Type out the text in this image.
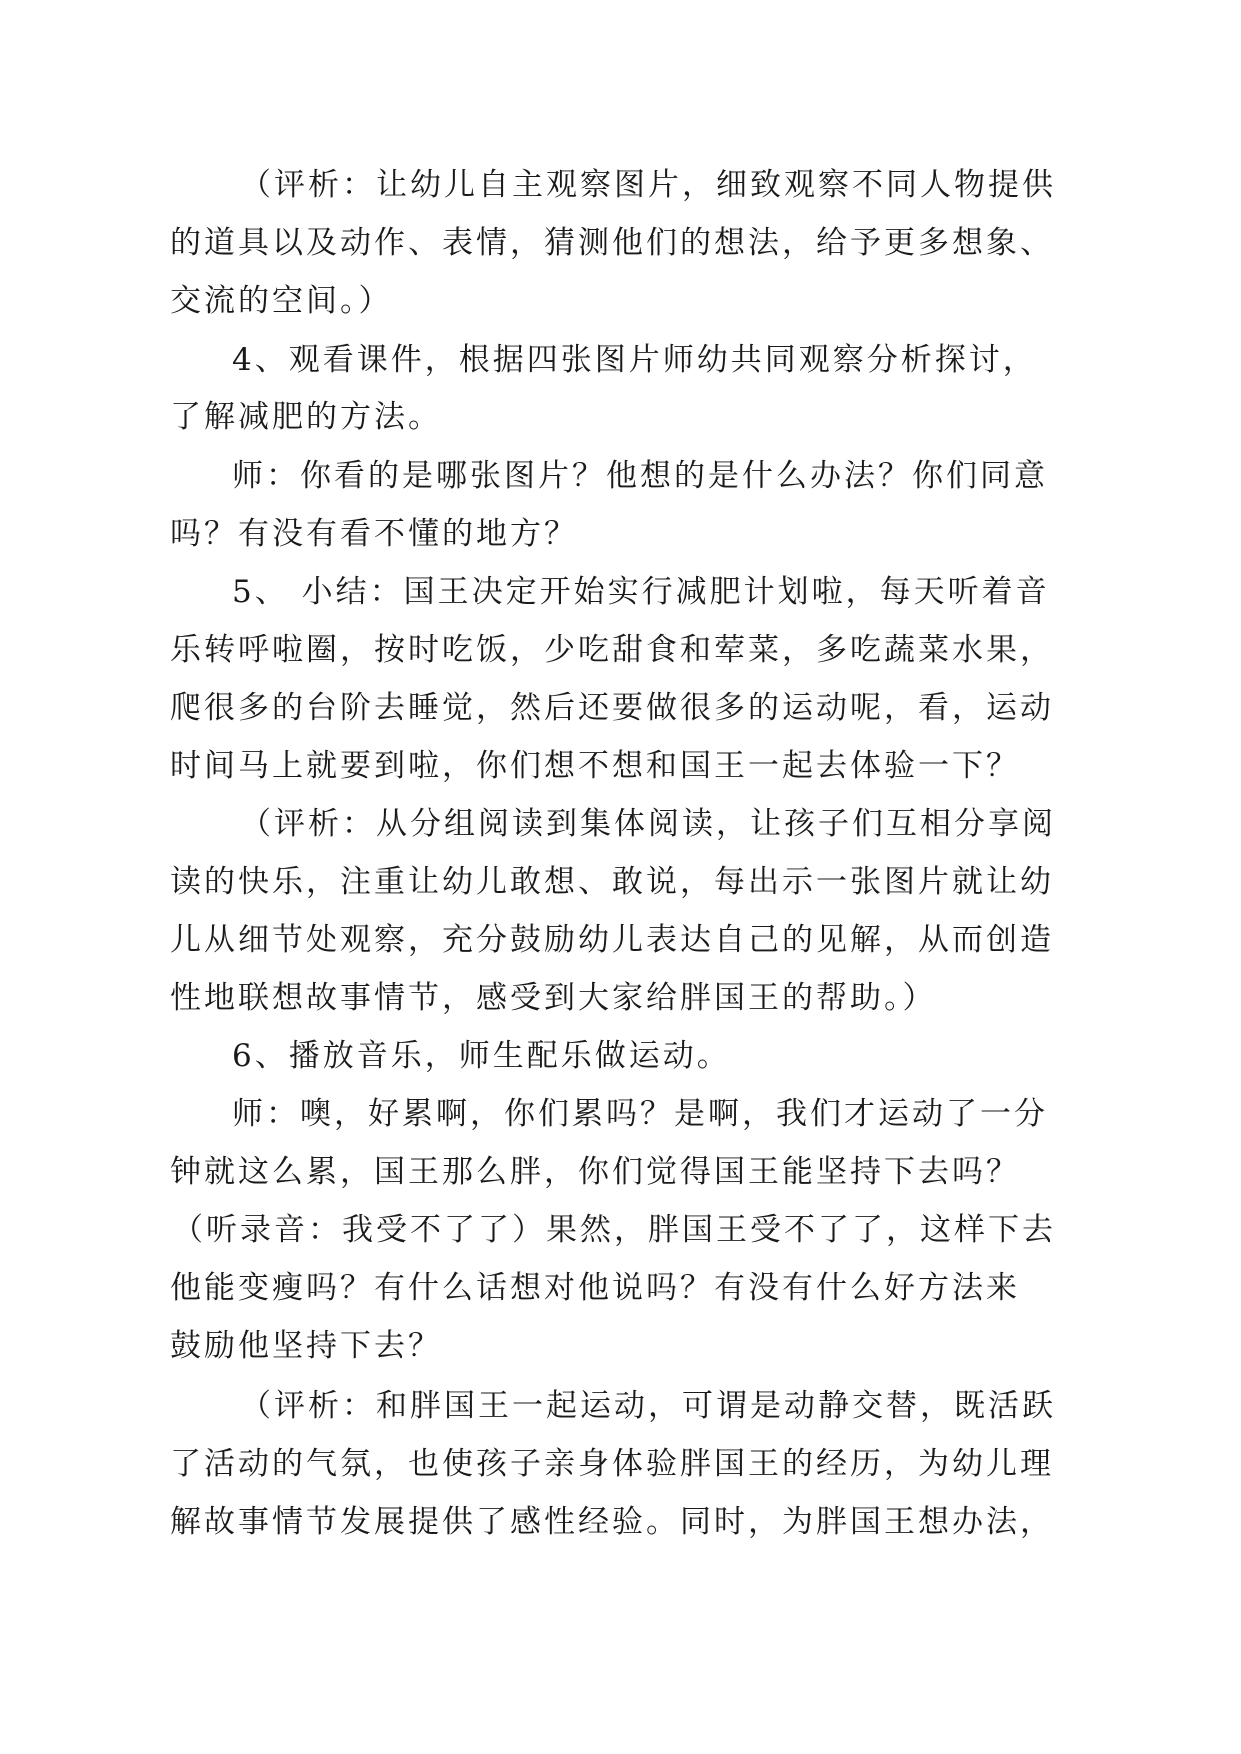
（评析：让幼儿自主观察图片，细致观察不同人物提供
的道具以及动作、表情，猜测他们的想法，给予更多想象、
交流的空间。）
4、观看课件，根据四张图片师幼共同观察分析探讨，
了解减肥的方法。
师：你看的是哪张图片？他想的是什么办法？你们同意
吗？有没有看不懂的地方？
5、 小结：国王决定开始实行减肥计划啦，每天听着音
乐转呼啦圈，按时吃饭，少吃甜食和荤菜，多吃蔬菜水果，
爬很多的台阶去睡觉，然后还要做很多的运动呢，看，运动
时间马上就要到啦，你们想不想和国王一起去体验一下？
（评析：从分组阅读到集体阅读，让孩子们互相分享阅
读的快乐，注重让幼儿敢想、敢说，每出示一张图片就让幼
儿从细节处观察，充分鼓励幼儿表达自己的见解，从而创造
性地联想故事情节，感受到大家给胖国王的帮助。）
6、播放音乐，师生配乐做运动。
师：噢，好累啊，你们累吗？是啊，我们才运动了一分
钟就这么累，国王那么胖，你们觉得国王能坚持下去吗？
（听录音：我受不了了）果然，胖国王受不了了，这样下去
他能变瘦吗？有什么话想对他说吗？有没有什么好方法来
鼓励他坚持下去？
（评析：和胖国王一起运动，可谓是动静交替，既活跃
了活动的气氛，也使孩子亲身体验胖国王的经历，为幼儿理
解故事情节发展提供了感性经验。同时，为胖国王想办法，
